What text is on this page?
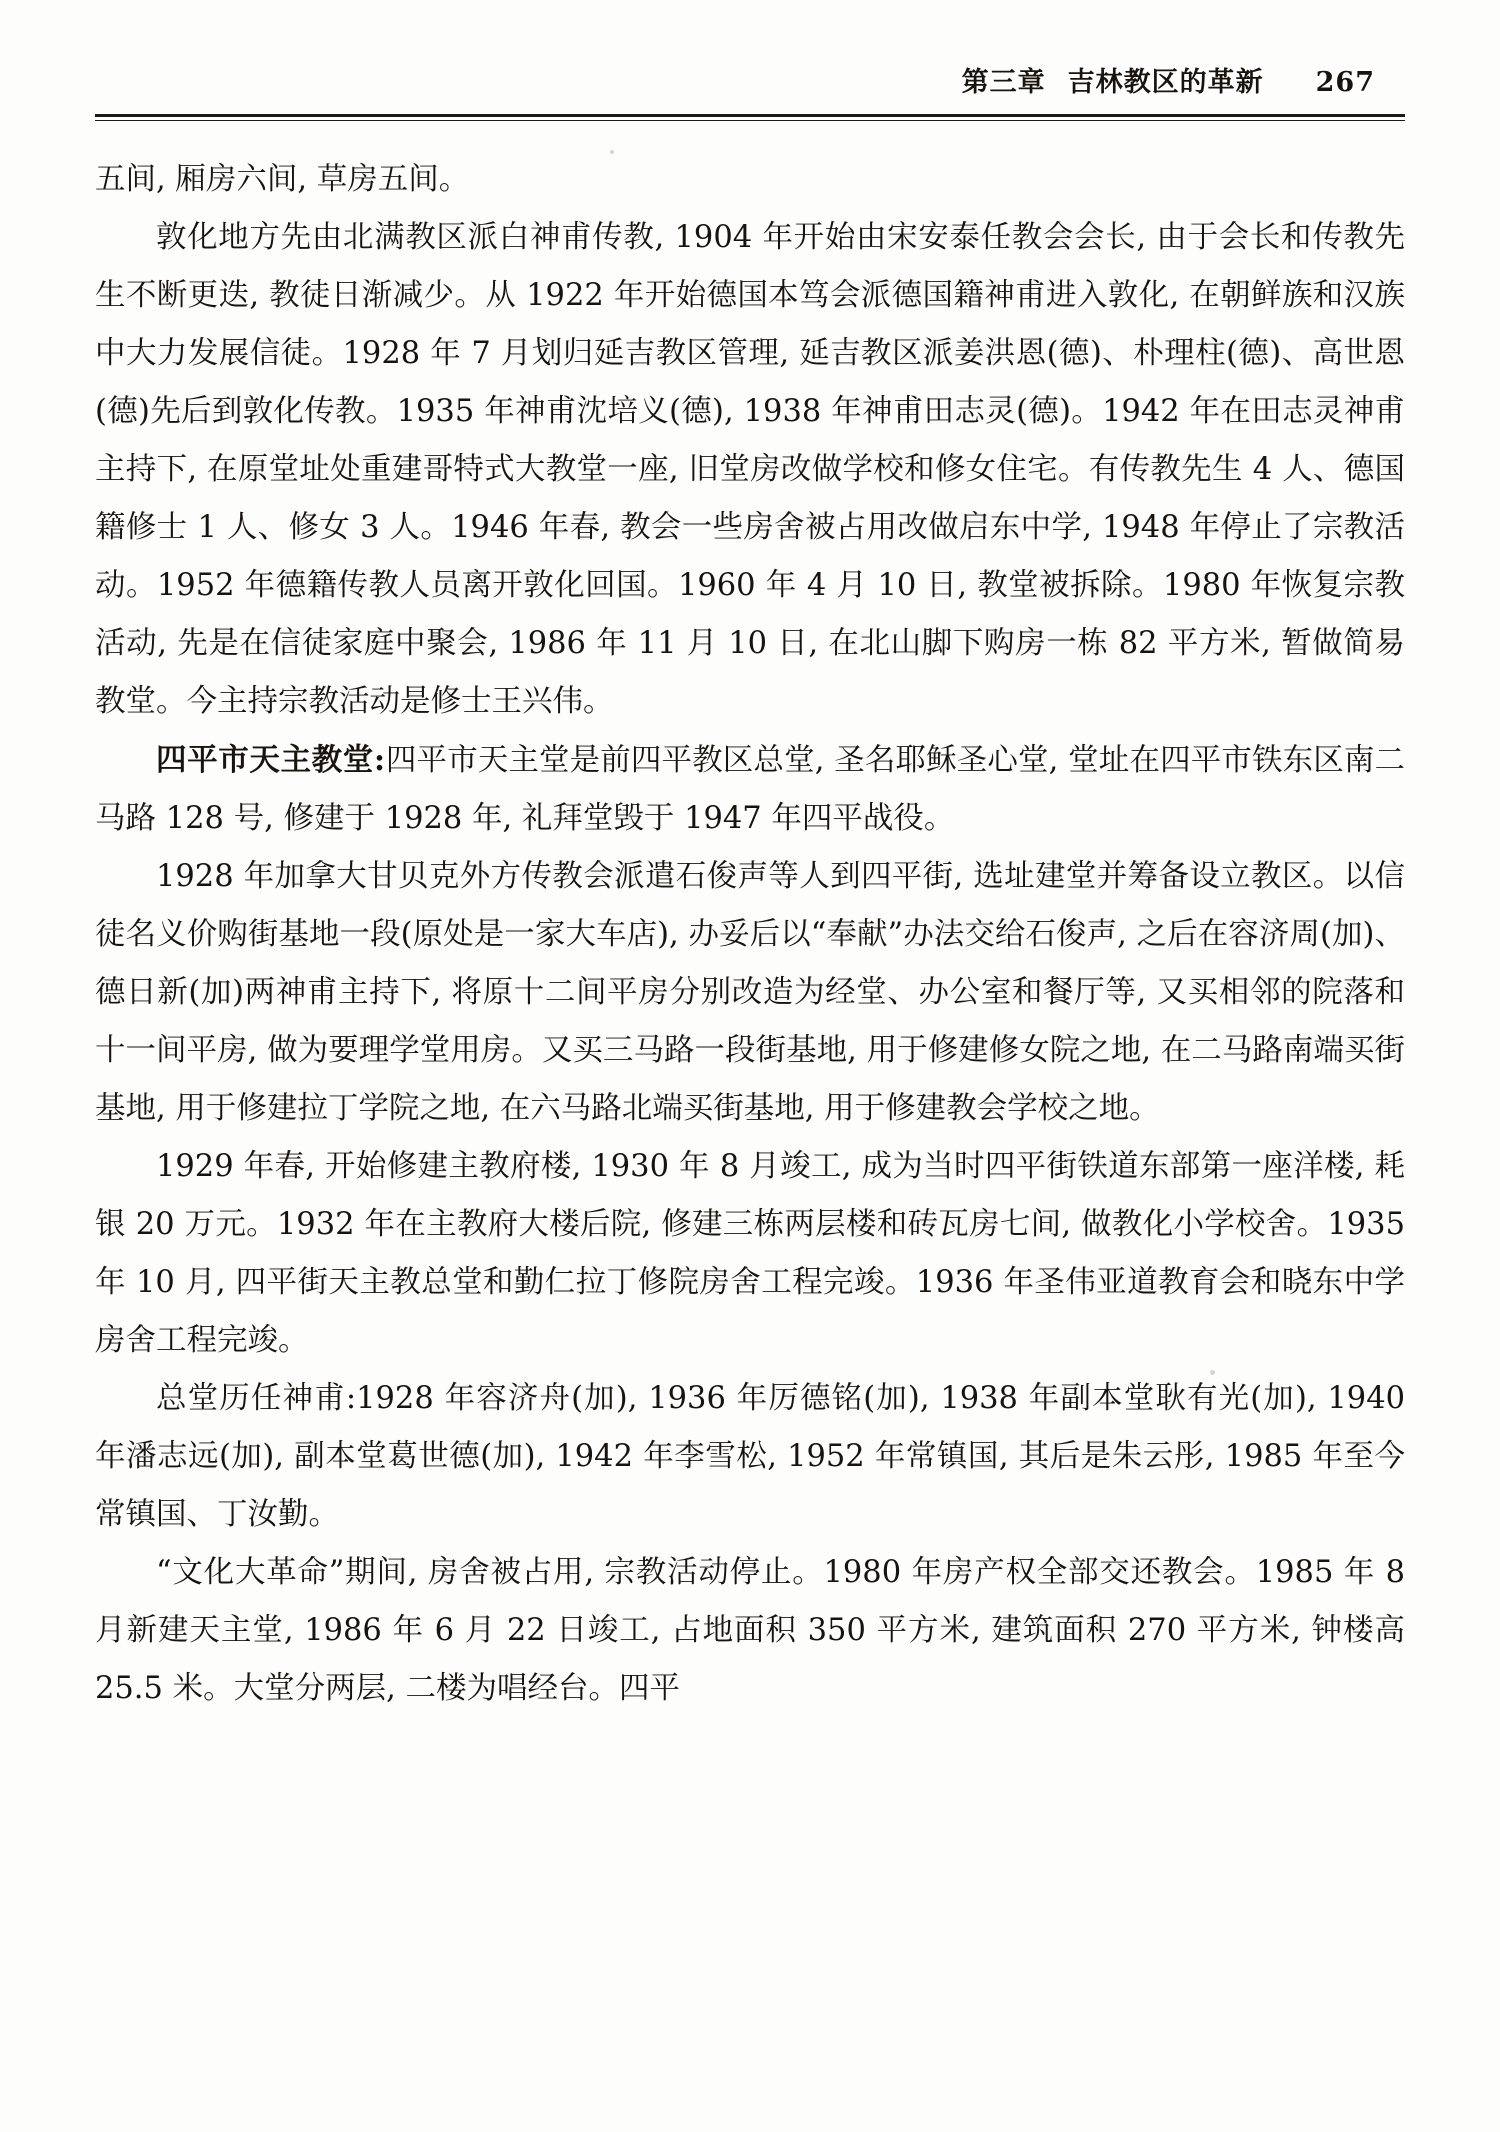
第三章 吉林教区的革新 267

五间, 厢房六间, 草房五间。

敦化地方先由北满教区派白神甫传教, 1904 年开始由宋安泰任教会会长, 由于会长和传教先生不断更迭, 教徒日渐减少。从 1922 年开始德国本笃会派德国籍神甫进入敦化, 在朝鲜族和汉族中大力发展信徒。1928 年 7 月划归延吉教区管理, 延吉教区派姜洪恩(德)、朴理柱(德)、高世恩(德)先后到敦化传教。1935 年神甫沈培义(德), 1938 年神甫田志灵(德)。1942 年在田志灵神甫主持下, 在原堂址处重建哥特式大教堂一座, 旧堂房改做学校和修女住宅。有传教先生 4 人、德国籍修士 1 人、修女 3 人。1946 年春, 教会一些房舍被占用改做启东中学, 1948 年停止了宗教活动。1952 年德籍传教人员离开敦化回国。1960 年 4 月 10 日, 教堂被拆除。1980 年恢复宗教活动, 先是在信徒家庭中聚会, 1986 年 11 月 10 日, 在北山脚下购房一栋 82 平方米, 暂做简易教堂。今主持宗教活动是修士王兴伟。

四平市天主教堂:四平市天主堂是前四平教区总堂, 圣名耶稣圣心堂, 堂址在四平市铁东区南二马路 128 号, 修建于 1928 年, 礼拜堂毁于 1947 年四平战役。

1928 年加拿大甘贝克外方传教会派遣石俊声等人到四平街, 选址建堂并筹备设立教区。以信徒名义价购街基地一段(原处是一家大车店), 办妥后以“奉献”办法交给石俊声, 之后在容济周(加)、德日新(加)两神甫主持下, 将原十二间平房分别改造为经堂、办公室和餐厅等, 又买相邻的院落和十一间平房, 做为要理学堂用房。又买三马路一段街基地, 用于修建修女院之地, 在二马路南端买街基地, 用于修建拉丁学院之地, 在六马路北端买街基地, 用于修建教会学校之地。

1929 年春, 开始修建主教府楼, 1930 年 8 月竣工, 成为当时四平街铁道东部第一座洋楼, 耗银 20 万元。1932 年在主教府大楼后院, 修建三栋两层楼和砖瓦房七间, 做教化小学校舍。1935 年 10 月, 四平街天主教总堂和勤仁拉丁修院房舍工程完竣。1936 年圣伟亚道教育会和晓东中学房舍工程完竣。

总堂历任神甫:1928 年容济舟(加), 1936 年厉德铭(加), 1938 年副本堂耿有光(加), 1940 年潘志远(加), 副本堂葛世德(加), 1942 年李雪松, 1952 年常镇国, 其后是朱云彤, 1985 年至今常镇国、丁汝勤。

“文化大革命”期间, 房舍被占用, 宗教活动停止。1980 年房产权全部交还教会。1985 年 8 月新建天主堂, 1986 年 6 月 22 日竣工, 占地面积 350 平方米, 建筑面积 270 平方米, 钟楼高 25.5 米。大堂分两层, 二楼为唱经台。四平
